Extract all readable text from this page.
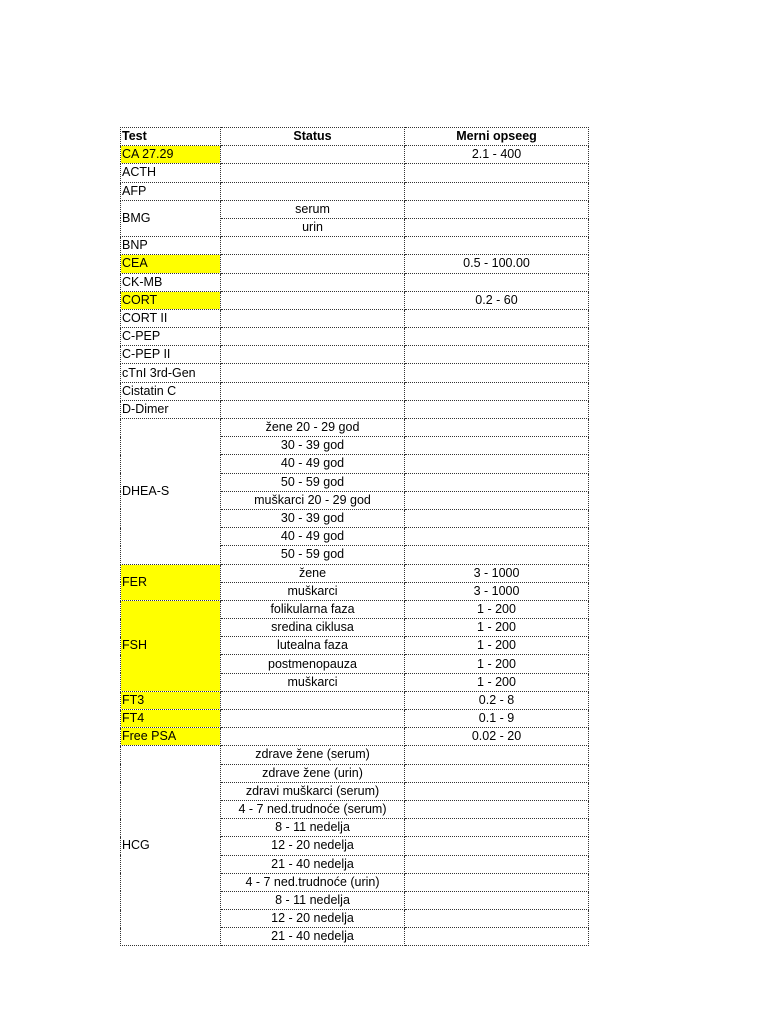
Test	Status	Merni opseeg
CA 27.29		2.1 - 400
ACTH		
AFP		
BMG	serum	
	urin	
BNP		
CEA		0.5 - 100.00
CK-MB		
CORT		0.2 - 60
CORT II		
C-PEP		
C-PEP II		
cTnI 3rd-Gen		
Cistatin C		
D-Dimer		
DHEA-S	žene 20 - 29 god	
	30 - 39 god	
	40 - 49 god	
	50 - 59 god	
	muškarci 20 - 29 god	
	30 - 39 god	
	40 - 49 god	
	50 - 59 god	
FER	žene	3 - 1000
	muškarci	3 - 1000
FSH	folikularna faza	1 - 200
	sredina ciklusa	1 - 200
	lutealna faza	1 - 200
	postmenopauza	1 - 200
	muškarci	1 - 200
FT3		0.2 - 8
FT4		0.1 - 9
Free PSA		0.02 - 20
HCG	zdrave žene (serum)	
	zdrave žene (urin)	
	zdravi muškarci (serum)	
	4 - 7 ned.trudnoće (serum)	
	8 - 11 nedelja	
	12 - 20 nedelja	
	21 - 40 nedelja	
	4 - 7 ned.trudnoće (urin)	
	8 - 11 nedelja	
	12 - 20 nedelja	
	21 - 40 nedelja	
